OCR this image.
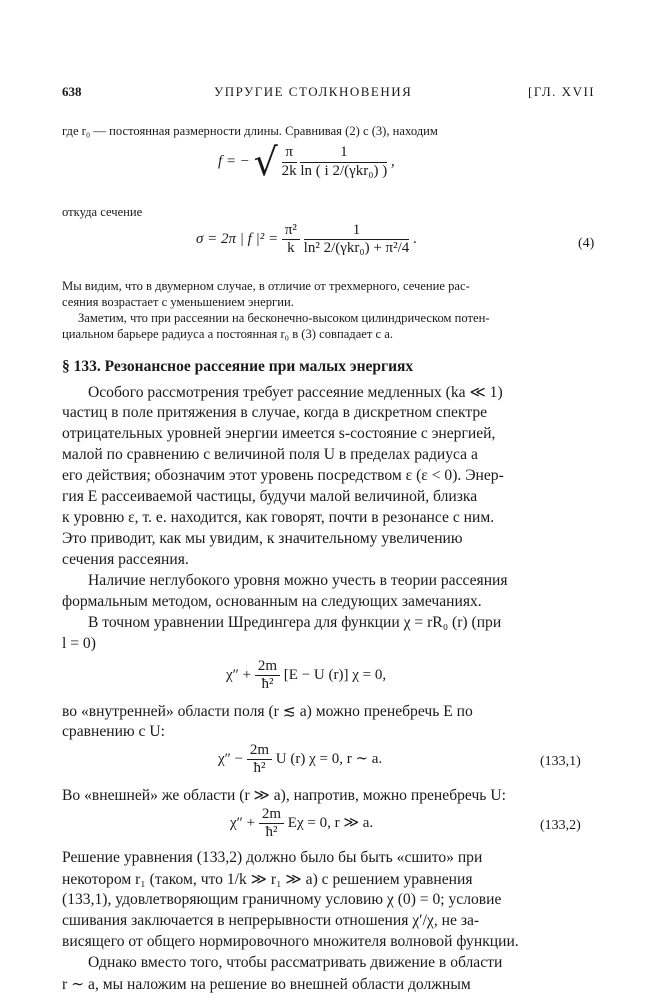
638	УПРУГИЕ СТОЛКНОВЕНИЯ	[ГЛ. XVII
где r₀ — постоянная размерности длины. Сравнивая (2) с (3), находим
f = − √ $\frac{\pi}{2k}$
$\frac{1}{\text{ln ( i 2/(γkr₀) )}}$ ,
откуда сечение
σ = 2π | f $|^2 = \frac{\text{π²}}{k}$
$\frac{1}{\text{ln² 2/(γkr₀) + π²/4}}$ .	(4)
Мы видим, что в двумерном случае, в отличие от трехмерного, сечение рас-
сеяния возрастает с уменьшением энергии.
Заметим, что при рассеянии на бесконечно-высоком цилиндрическом потен-
циальном барьере радиуса a постоянная r₀ в (3) совпадает с a.
§ 133. Резонансное рассеяние при малых энергиях
Особого рассмотрения требует рассеяние медленных (ka ≪ 1)
частиц в поле притяжения в случае, когда в дискретном спектре
отрицательных уровней энергии имеется s-состояние с энергией,
малой по сравнению с величиной поля U в пределах радиуса a
его действия; обозначим этот уровень посредством ε (ε < 0). Энер-
гия E рассеиваемой частицы, будучи малой величиной, близка
к уровню ε, т. е. находится, как говорят, почти в резонансе с ним.
Это приводит, как мы увидим, к значительному увеличению
сечения рассеяния.
Наличие неглубокого уровня можно учесть в теории рассеяния
формальным методом, основанным на следующих замечаниях.
В точном уравнении Шредингера для функции χ = rR₀ (r) (при
l = 0)
$\chi'' + \frac{2m}{\text{ħ²}} [E - U$ (r)] χ = 0,
во «внутренней» области поля (r ≲ a) можно пренебречь E по
сравнению с U:
$\chi'' - \frac{2m}{\text{ħ²}}$ U (r) χ = 0, r ∼ a.	(133,1)
Во «внешней» же области (r ≫ a), напротив, можно пренебречь U:
$\chi'' + \frac{2m}{\text{ħ²}}$ Eχ = 0, r ≫ a.	(133,2)
Решение уравнения (133,2) должно было бы быть «сшито» при
некотором r₁ (таком, что 1/k ≫ r₁ ≫ a) с решением уравнения
(133,1), удовлетворяющим граничному условию χ (0) = 0; условие
сшивания заключается в непрерывности отношения χ′/χ, не за-
висящего от общего нормировочного множителя волновой функции.
Однако вместо того, чтобы рассматривать движение в области
r ∼ a, мы наложим на решение во внешней области должным
